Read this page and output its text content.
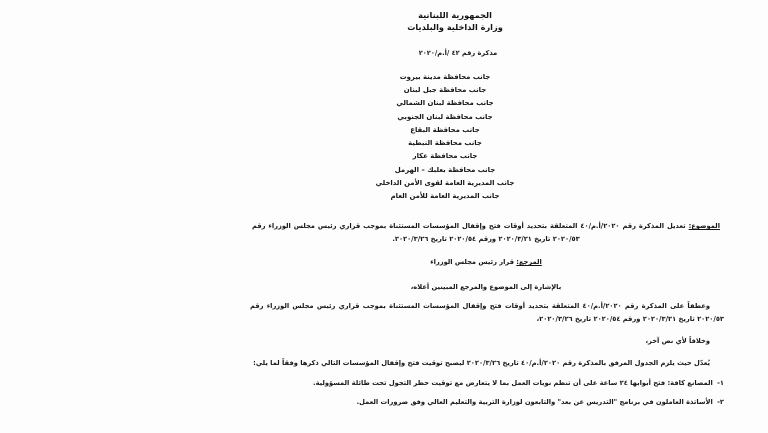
الجمهورية اللبنانية
وزارة الداخلية والبلديات
مذكرة رقم ٤٢ /أ.م/٢٠٢٠
جانب محافظة مدينة بيروت
جانب محافظة جبل لبنان
جانب محافظة لبنان الشمالي
جانب محافظة لبنان الجنوبي
جانب محافظة البقاع
جانب محافظة النبطية
جانب محافظة عكار
جانب محافظة بعلبك – الهرمل
جانب المديرية العامة لقوى الأمن الداخلي
جانب المديرية العامة للأمن العام
الموضوع: تعديل المذكرة رقم ٢٠٢٠/أ.م/٤٠ المتعلقة بتحديد أوقات فتح وإقفال المؤسسات المستثناة بموجب قراري رئيس مجلس الوزراء رقم ٢٠٢٠/٥٣ تاريخ ٢٠٢٠/٣/٢١ ورقم ٢٠٢٠/٥٤ تاريخ ٢٠٢٠/٣/٢٦.
المرجع: قرار رئيس مجلس الوزراء
بالإشارة إلى الموضوع والمرجع المبينين أعلاه،
وعطفاً على المذكرة رقم ٢٠٢٠/أ.م/٤٠ المتعلقة بتحديد أوقات فتح وإقفال المؤسسات المستثناة بموجب قراري رئيس مجلس الوزراء رقم ٢٠٢٠/٥٣ تاريخ ٢٠٢٠/٣/٢١ ورقم ٢٠٢٠/٥٤ تاريخ ٢٠٢٠/٣/٢٦،
وخلافاً لأي نص آخر،
يُعدّل حيث يلزم الجدول المرفق بالمذكرة رقم ٢٠٢٠/أ.م/٤٠ تاريخ ٢٠٢٠/٣/٢٦ ليصبح توقيت فتح وإقفال المؤسسات التالي ذكرها وفقاً لما يلي:
١- المصانع كافة: فتح أبوابها ٢٤ ساعة على أن تنظم نوبات العمل بما لا يتعارض مع توقيت حظر التجول تحت طائلة المسؤولية.
٢- الأساتذة العاملون في برنامج "التدريس عن بعد" والتابعون لوزارة التربية والتعليم العالي وفق ضرورات العمل.
